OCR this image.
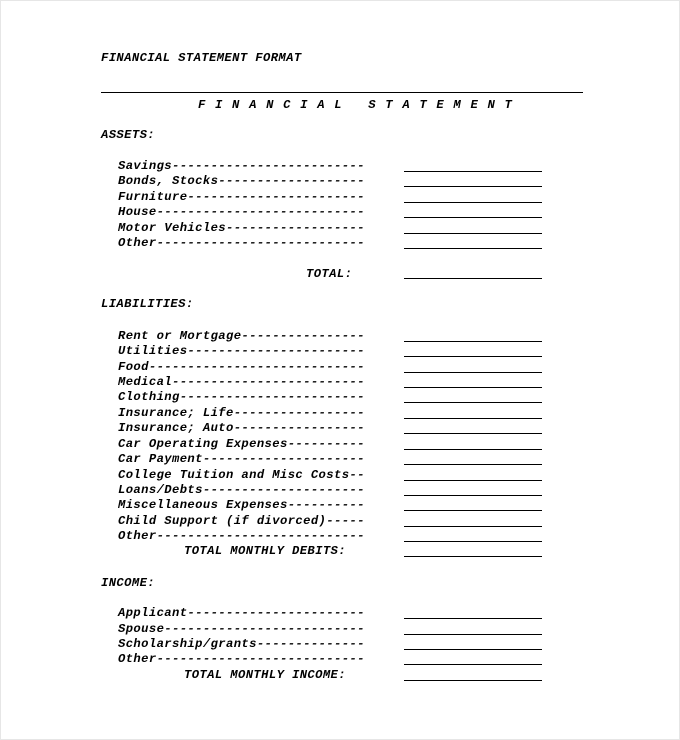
FINANCIAL STATEMENT FORMAT
F I N A N C I A L   S T A T E M E N T
ASSETS:
Savings-------------------------
Bonds, Stocks-------------------
Furniture-----------------------
House---------------------------
Motor Vehicles------------------
Other---------------------------
TOTAL:
LIABILITIES:
Rent or Mortgage----------------
Utilities-----------------------
Food----------------------------
Medical-------------------------
Clothing------------------------
Insurance; Life-----------------
Insurance; Auto-----------------
Car Operating Expenses----------
Car Payment---------------------
College Tuition and Misc Costs--
Loans/Debts---------------------
Miscellaneous Expenses----------
Child Support (if divorced)-----
Other---------------------------
TOTAL MONTHLY DEBITS:
INCOME:
Applicant-----------------------
Spouse--------------------------
Scholarship/grants--------------
Other---------------------------
TOTAL MONTHLY INCOME:
